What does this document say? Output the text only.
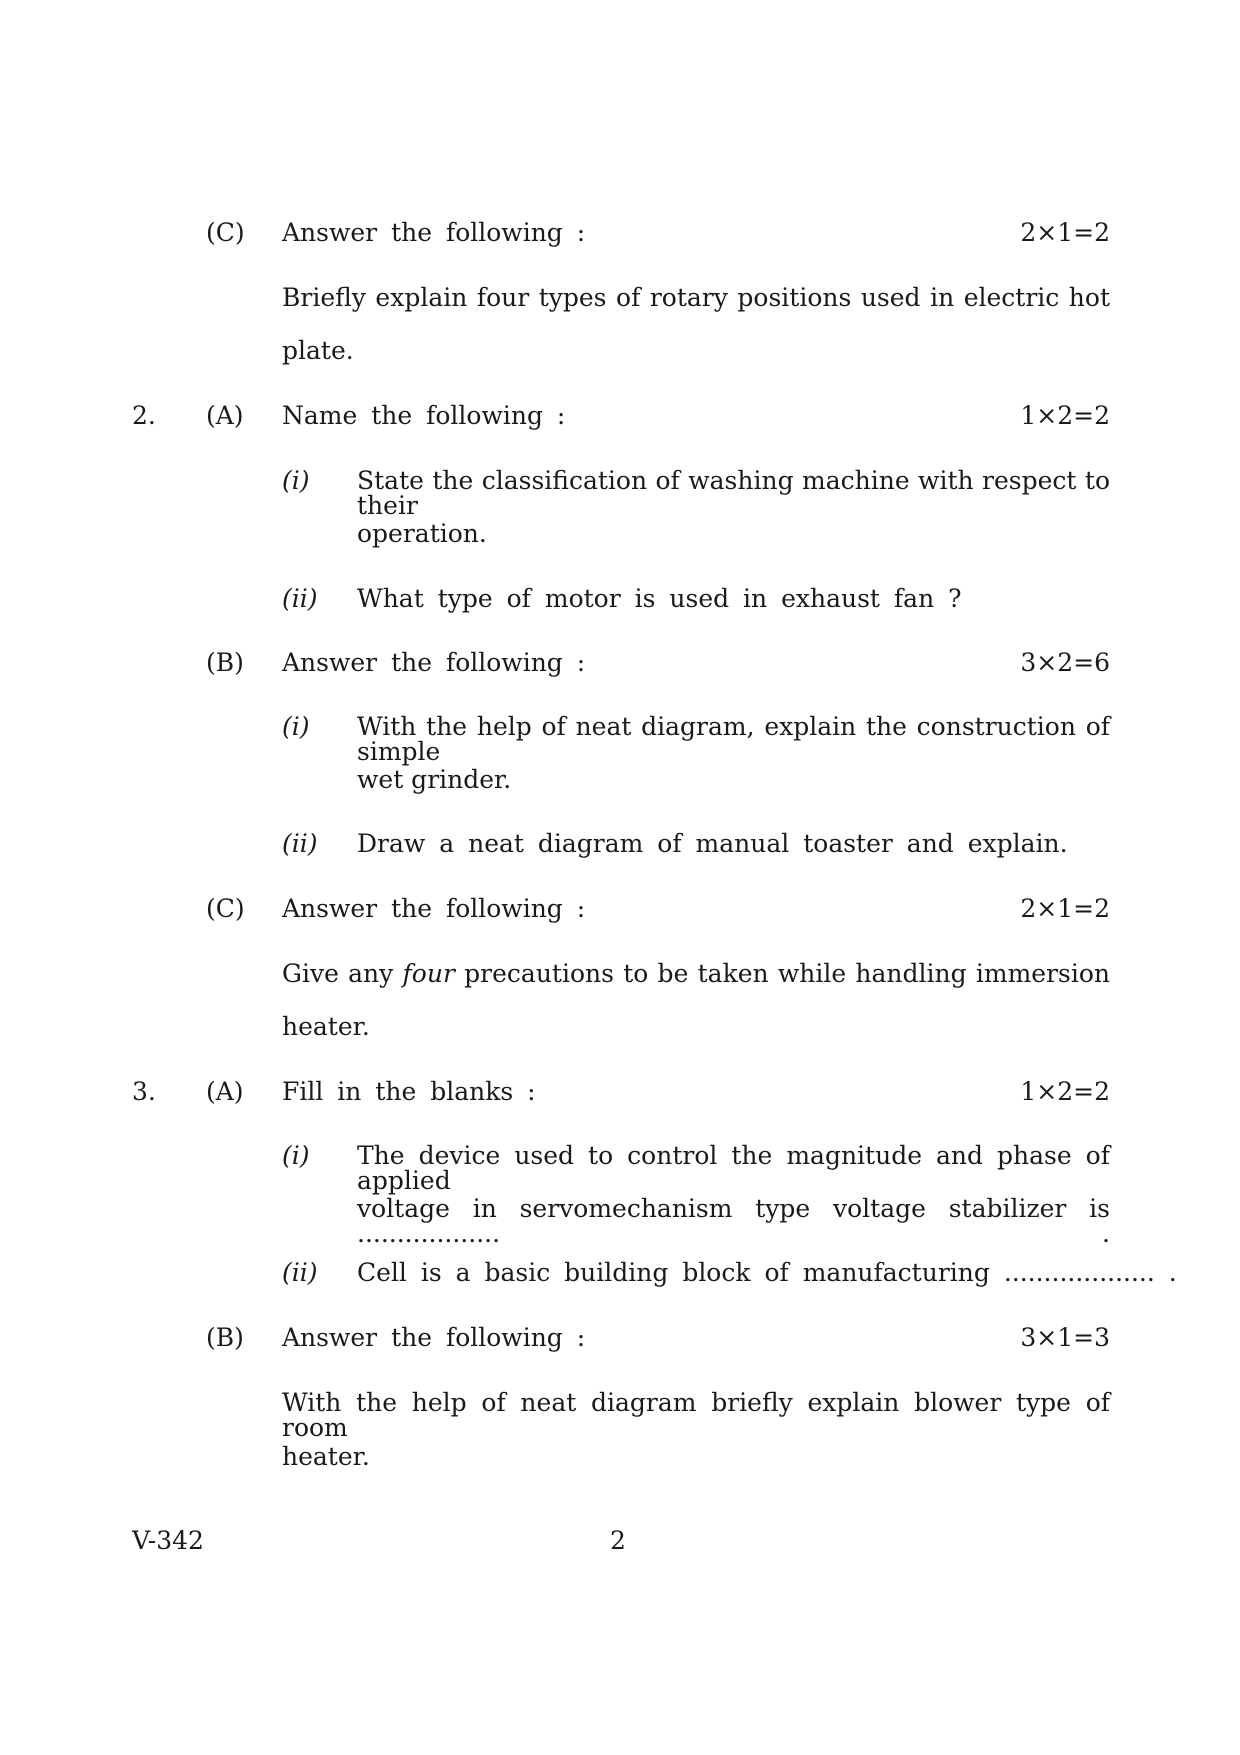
(C) Answer the following :	2×1=2
Briefly explain four types of rotary positions used in electric hot
plate.
2. (A) Name the following :	1×2=2
(i) State the classification of washing machine with respect to their
operation.
(ii) What type of motor is used in exhaust fan ?
(B) Answer the following :	3×2=6
(i) With the help of neat diagram, explain the construction of simple
wet grinder.
(ii) Draw a neat diagram of manual toaster and explain.
(C) Answer the following :	2×1=2
Give any four precautions to be taken while handling immersion
heater.
3. (A) Fill in the blanks :	1×2=2
(i) The device used to control the magnitude and phase of applied
voltage in servomechanism type voltage stabilizer is .................. .
(ii) Cell is a basic building block of manufacturing ................... .
(B) Answer the following :	3×1=3
With the help of neat diagram briefly explain blower type of room
heater.
V-342	2
